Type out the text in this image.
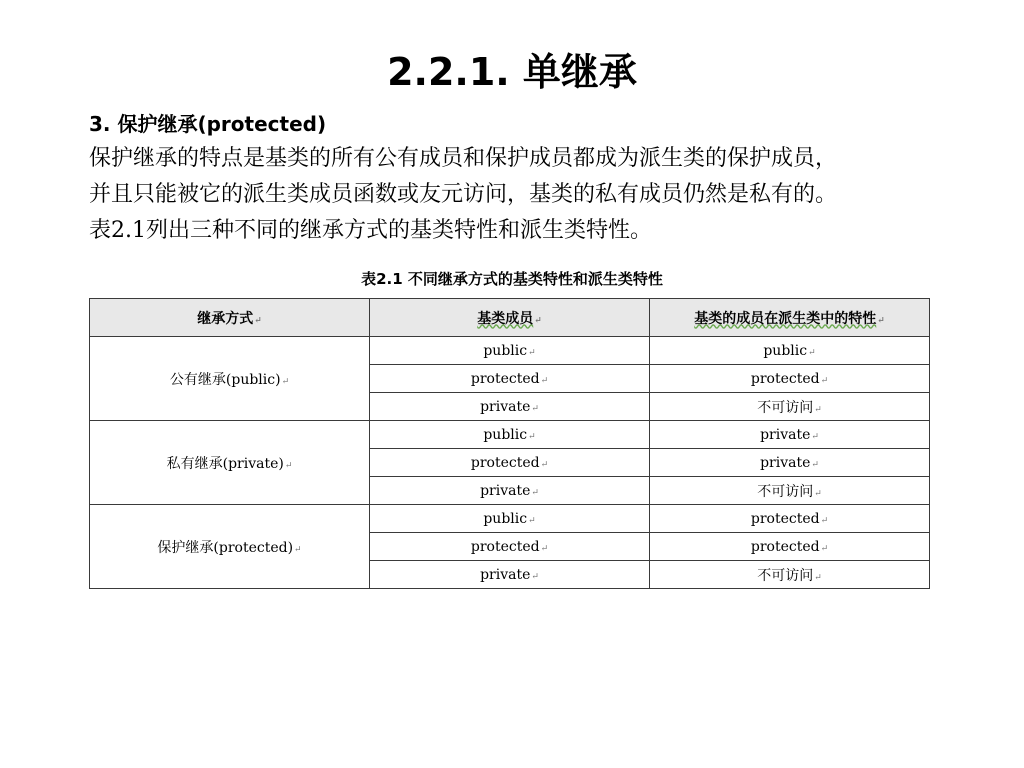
2.2.1. 单继承
3. 保护继承(protected)

保护继承的特点是基类的所有公有成员和保护成员都成为派生类的保护成员，

并且只能被它的派生类成员函数或友元访问，基类的私有成员仍然是私有的。

表2.1列出三种不同的继承方式的基类特性和派生类特性。

表2.1 不同继承方式的基类特性和派生类特性
继承方式↵	基类成员↵	基类的成员在派生类中的特性↵
公有继承(public)↵	public↵	public↵
	protected↵	protected↵
	private↵	不可访问↵
私有继承(private)↵	public↵	private↵
	protected↵	private↵
	private↵	不可访问↵
保护继承(protected)↵	public↵	protected↵
	protected↵	protected↵
	private↵	不可访问↵
